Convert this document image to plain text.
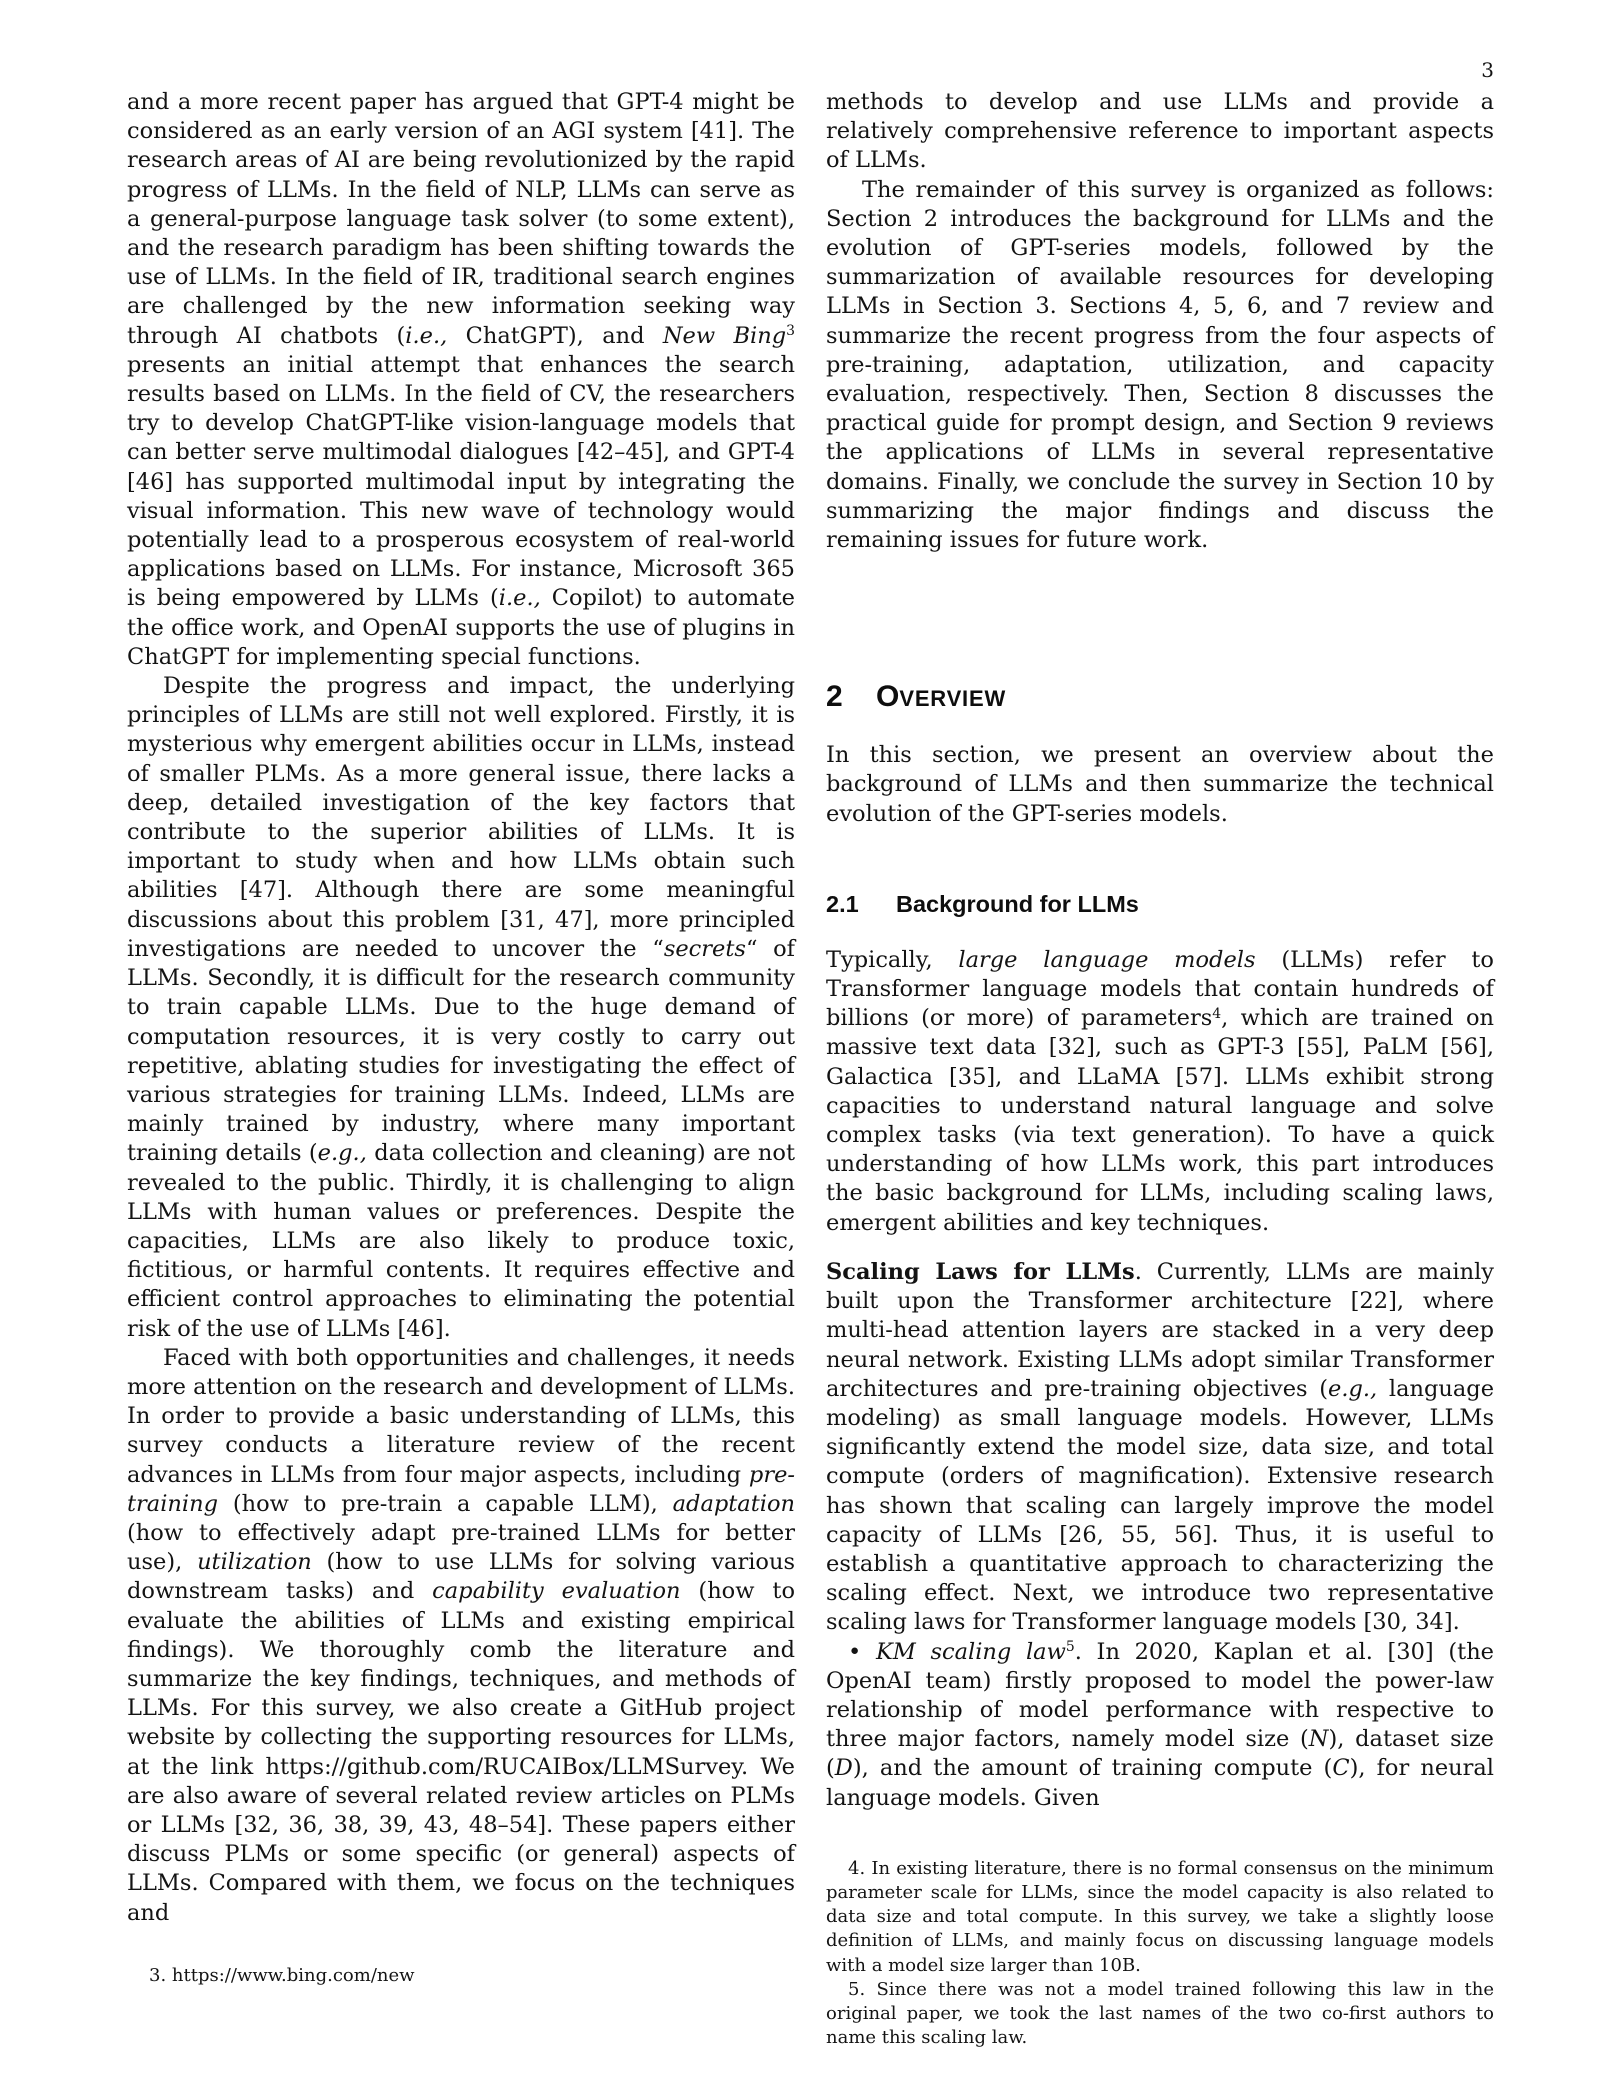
3

and a more recent paper has argued that GPT-4 might be considered as an early version of an AGI system [41]. The research areas of AI are being revolutionized by the rapid progress of LLMs. In the field of NLP, LLMs can serve as a general-purpose language task solver (to some extent), and the research paradigm has been shifting towards the use of LLMs. In the field of IR, traditional search engines are challenged by the new information seeking way through AI chatbots (i.e., ChatGPT), and New Bing$^3$ presents an initial attempt that enhances the search results based on LLMs. In the field of CV, the researchers try to develop ChatGPT-like vision-language models that can better serve multimodal dialogues [42–45], and GPT-4 [46] has supported multimodal input by integrating the visual information. This new wave of technology would potentially lead to a prosperous ecosystem of real-world applications based on LLMs. For instance, Microsoft 365 is being empowered by LLMs (i.e., Copilot) to automate the office work, and OpenAI supports the use of plugins in ChatGPT for implementing special functions.

Despite the progress and impact, the underlying principles of LLMs are still not well explored. Firstly, it is mysterious why emergent abilities occur in LLMs, instead of smaller PLMs. As a more general issue, there lacks a deep, detailed investigation of the key factors that contribute to the superior abilities of LLMs. It is important to study when and how LLMs obtain such abilities [47]. Although there are some meaningful discussions about this problem [31, 47], more principled investigations are needed to uncover the “secrets“ of LLMs. Secondly, it is difficult for the research community to train capable LLMs. Due to the huge demand of computation resources, it is very costly to carry out repetitive, ablating studies for investigating the effect of various strategies for training LLMs. Indeed, LLMs are mainly trained by industry, where many important training details (e.g., data collection and cleaning) are not revealed to the public. Thirdly, it is challenging to align LLMs with human values or preferences. Despite the capacities, LLMs are also likely to produce toxic, fictitious, or harmful contents. It requires effective and efficient control approaches to eliminating the potential risk of the use of LLMs [46].

Faced with both opportunities and challenges, it needs more attention on the research and development of LLMs. In order to provide a basic understanding of LLMs, this survey conducts a literature review of the recent advances in LLMs from four major aspects, including pre-training (how to pre-train a capable LLM), adaptation (how to effectively adapt pre-trained LLMs for better use), utilization (how to use LLMs for solving various downstream tasks) and capability evaluation (how to evaluate the abilities of LLMs and existing empirical findings). We thoroughly comb the literature and summarize the key findings, techniques, and methods of LLMs. For this survey, we also create a GitHub project website by collecting the supporting resources for LLMs, at the link https://github.com/RUCAIBox/LLMSurvey. We are also aware of several related review articles on PLMs or LLMs [32, 36, 38, 39, 43, 48–54]. These papers either discuss PLMs or some specific (or general) aspects of LLMs. Compared with them, we focus on the techniques and

3. https://www.bing.com/new

methods to develop and use LLMs and provide a relatively comprehensive reference to important aspects of LLMs.

The remainder of this survey is organized as follows: Section 2 introduces the background for LLMs and the evolution of GPT-series models, followed by the summarization of available resources for developing LLMs in Section 3. Sections 4, 5, 6, and 7 review and summarize the recent progress from the four aspects of pre-training, adaptation, utilization, and capacity evaluation, respectively. Then, Section 8 discusses the practical guide for prompt design, and Section 9 reviews the applications of LLMs in several representative domains. Finally, we conclude the survey in Section 10 by summarizing the major findings and discuss the remaining issues for future work.

2 OVERVIEW

In this section, we present an overview about the background of LLMs and then summarize the technical evolution of the GPT-series models.

2.1 Background for LLMs

Typically, large language models (LLMs) refer to Transformer language models that contain hundreds of billions (or more) of parameters$^4$, which are trained on massive text data [32], such as GPT-3 [55], PaLM [56], Galactica [35], and LLaMA [57]. LLMs exhibit strong capacities to understand natural language and solve complex tasks (via text generation). To have a quick understanding of how LLMs work, this part introduces the basic background for LLMs, including scaling laws, emergent abilities and key techniques.

Scaling Laws for LLMs. Currently, LLMs are mainly built upon the Transformer architecture [22], where multi-head attention layers are stacked in a very deep neural network. Existing LLMs adopt similar Transformer architectures and pre-training objectives (e.g., language modeling) as small language models. However, LLMs significantly extend the model size, data size, and total compute (orders of magnification). Extensive research has shown that scaling can largely improve the model capacity of LLMs [26, 55, 56]. Thus, it is useful to establish a quantitative approach to characterizing the scaling effect. Next, we introduce two representative scaling laws for Transformer language models [30, 34].

• KM scaling law$^5$. In 2020, Kaplan et al. [30] (the OpenAI team) firstly proposed to model the power-law relationship of model performance with respective to three major factors, namely model size (N), dataset size (D), and the amount of training compute (C), for neural language models. Given

4. In existing literature, there is no formal consensus on the minimum parameter scale for LLMs, since the model capacity is also related to data size and total compute. In this survey, we take a slightly loose definition of LLMs, and mainly focus on discussing language models with a model size larger than 10B.

5. Since there was not a model trained following this law in the original paper, we took the last names of the two co-first authors to name this scaling law.
